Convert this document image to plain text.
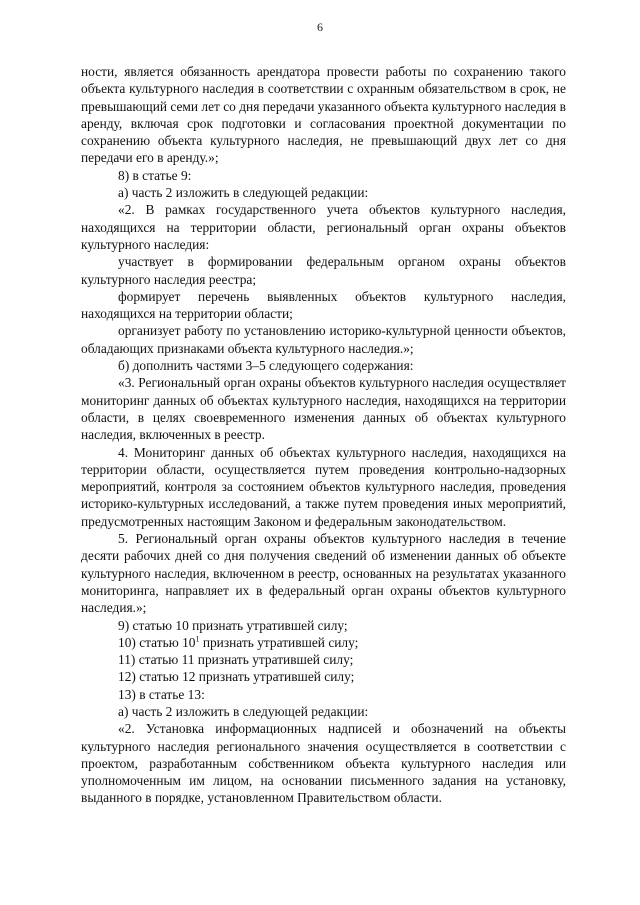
6

ности, является обязанность арендатора провести работы по сохранению такого объекта культурного наследия в соответствии с охранным обязательством в срок, не превышающий семи лет со дня передачи указанного объекта культурного наследия в аренду, включая срок подготовки и согласования проектной документации по сохранению объекта культурного наследия, не превышающий двух лет со дня передачи его в аренду.»;

8) в статье 9:

а) часть 2 изложить в следующей редакции:

«2. В рамках государственного учета объектов культурного наследия, находящихся на территории области, региональный орган охраны объектов культурного наследия:

участвует в формировании федеральным органом охраны объектов культурного наследия реестра;

формирует перечень выявленных объектов культурного наследия, находящихся на территории области;

организует работу по установлению историко-культурной ценности объектов, обладающих признаками объекта культурного наследия.»;

б) дополнить частями 3–5 следующего содержания:

«3. Региональный орган охраны объектов культурного наследия осуществляет мониторинг данных об объектах культурного наследия, находящихся на территории области, в целях своевременного изменения данных об объектах культурного наследия, включенных в реестр.

4. Мониторинг данных об объектах культурного наследия, находящихся на территории области, осуществляется путем проведения контрольно-надзорных мероприятий, контроля за состоянием объектов культурного наследия, проведения историко-культурных исследований, а также путем проведения иных мероприятий, предусмотренных настоящим Законом и федеральным законодательством.

5. Региональный орган охраны объектов культурного наследия в течение десяти рабочих дней со дня получения сведений об изменении данных об объекте культурного наследия, включенном в реестр, основанных на результатах указанного мониторинга, направляет их в федеральный орган охраны объектов культурного наследия.»;

9) статью 10 признать утратившей силу;

10) статью $10^1$ признать утратившей силу;

11) статью 11 признать утратившей силу;

12) статью 12 признать утратившей силу;

13) в статье 13:

а) часть 2 изложить в следующей редакции:

«2. Установка информационных надписей и обозначений на объекты культурного наследия регионального значения осуществляется в соответствии с проектом, разработанным собственником объекта культурного наследия или уполномоченным им лицом, на основании письменного задания на установку, выданного в порядке, установленном Правительством области.
